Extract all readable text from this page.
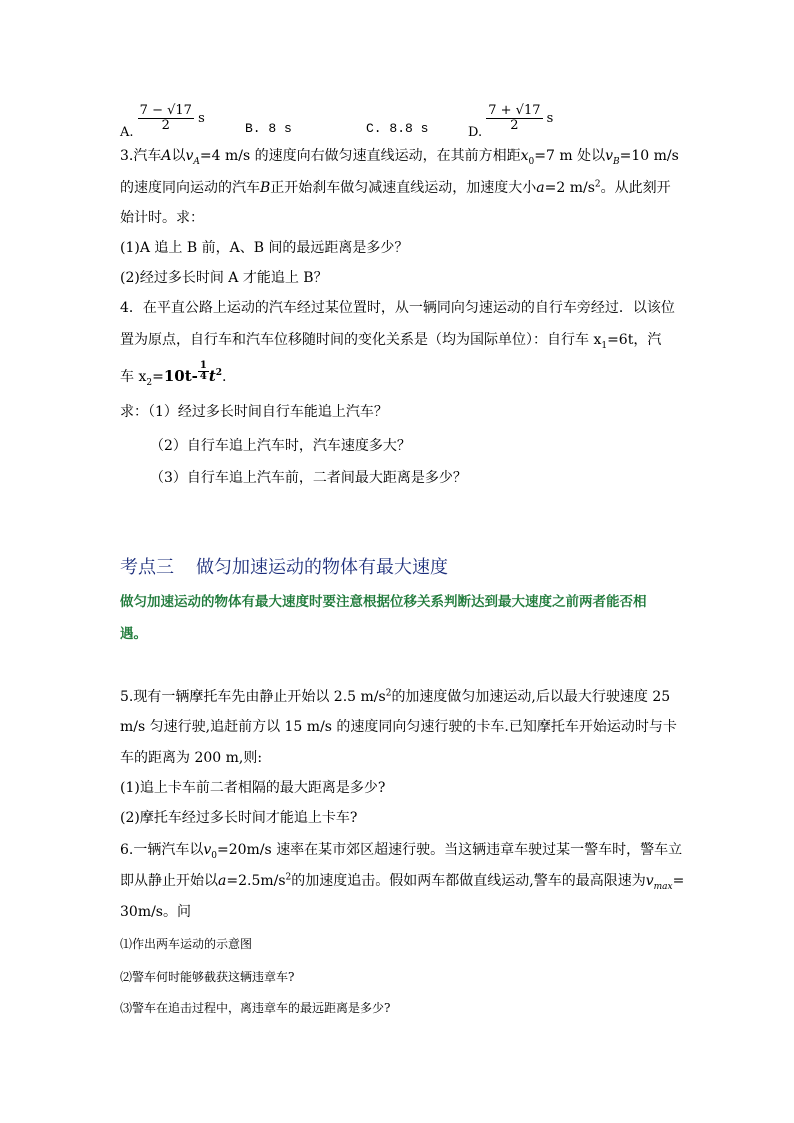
A. $\frac{7 - √17}{2}$ s
B. 8 s	C. 8.8 s	D. $\frac{7 + √17}{2}$ s
3.汽车A以$v_A=4$ m/s 的速度向右做匀速直线运动，在其前方相距$x_0=7$ m 处以$v_B=10$ m/s
的速度同向运动的汽车B正开始刹车做匀减速直线运动，加速度大小a=2 $m/s^2$。从此刻开
始计时。求：
(1)A 追上 B 前，A、B 间的最远距离是多少？
(2)经过多长时间 A 才能追上 B？
4．在平直公路上运动的汽车经过某位置时，从一辆同向匀速运动的自行车旁经过．以该位
置为原点，自行车和汽车位移随时间的变化关系是（均为国际单位）：自行车 $x_1=6t$，汽
车 $x_2=10t- \frac{1}{4} t^2$.
求：（1）经过多长时间自行车能追上汽车？
（2）自行车追上汽车时，汽车速度多大？
（3）自行车追上汽车前，二者间最大距离是多少？
考点三 做匀加速运动的物体有最大速度
做匀加速运动的物体有最大速度时要注意根据位移关系判断达到最大速度之前两者能否相
遇。
5.现有一辆摩托车先由静止开始以 2.5 $m/s^2$的加速度做匀加速运动,后以最大行驶速度 25
m/s 匀速行驶,追赶前方以 15 m/s 的速度同向匀速行驶的卡车.已知摩托车开始运动时与卡
车的距离为 200 m,则:
(1)追上卡车前二者相隔的最大距离是多少?
(2)摩托车经过多长时间才能追上卡车?
6.一辆汽车以$v_0=20m/s$ 速率在某市郊区超速行驶。当这辆违章车驶过某一警车时，警车立
即从静止开始以$a=2.5m/s^2$的加速度追击。假如两车都做直线运动,警车的最高限速为$v_{max}=$
30m/s。问
⑴作出两车运动的示意图
⑵警车何时能够截获这辆违章车?
⑶警车在追击过程中，离违章车的最远距离是多少?
